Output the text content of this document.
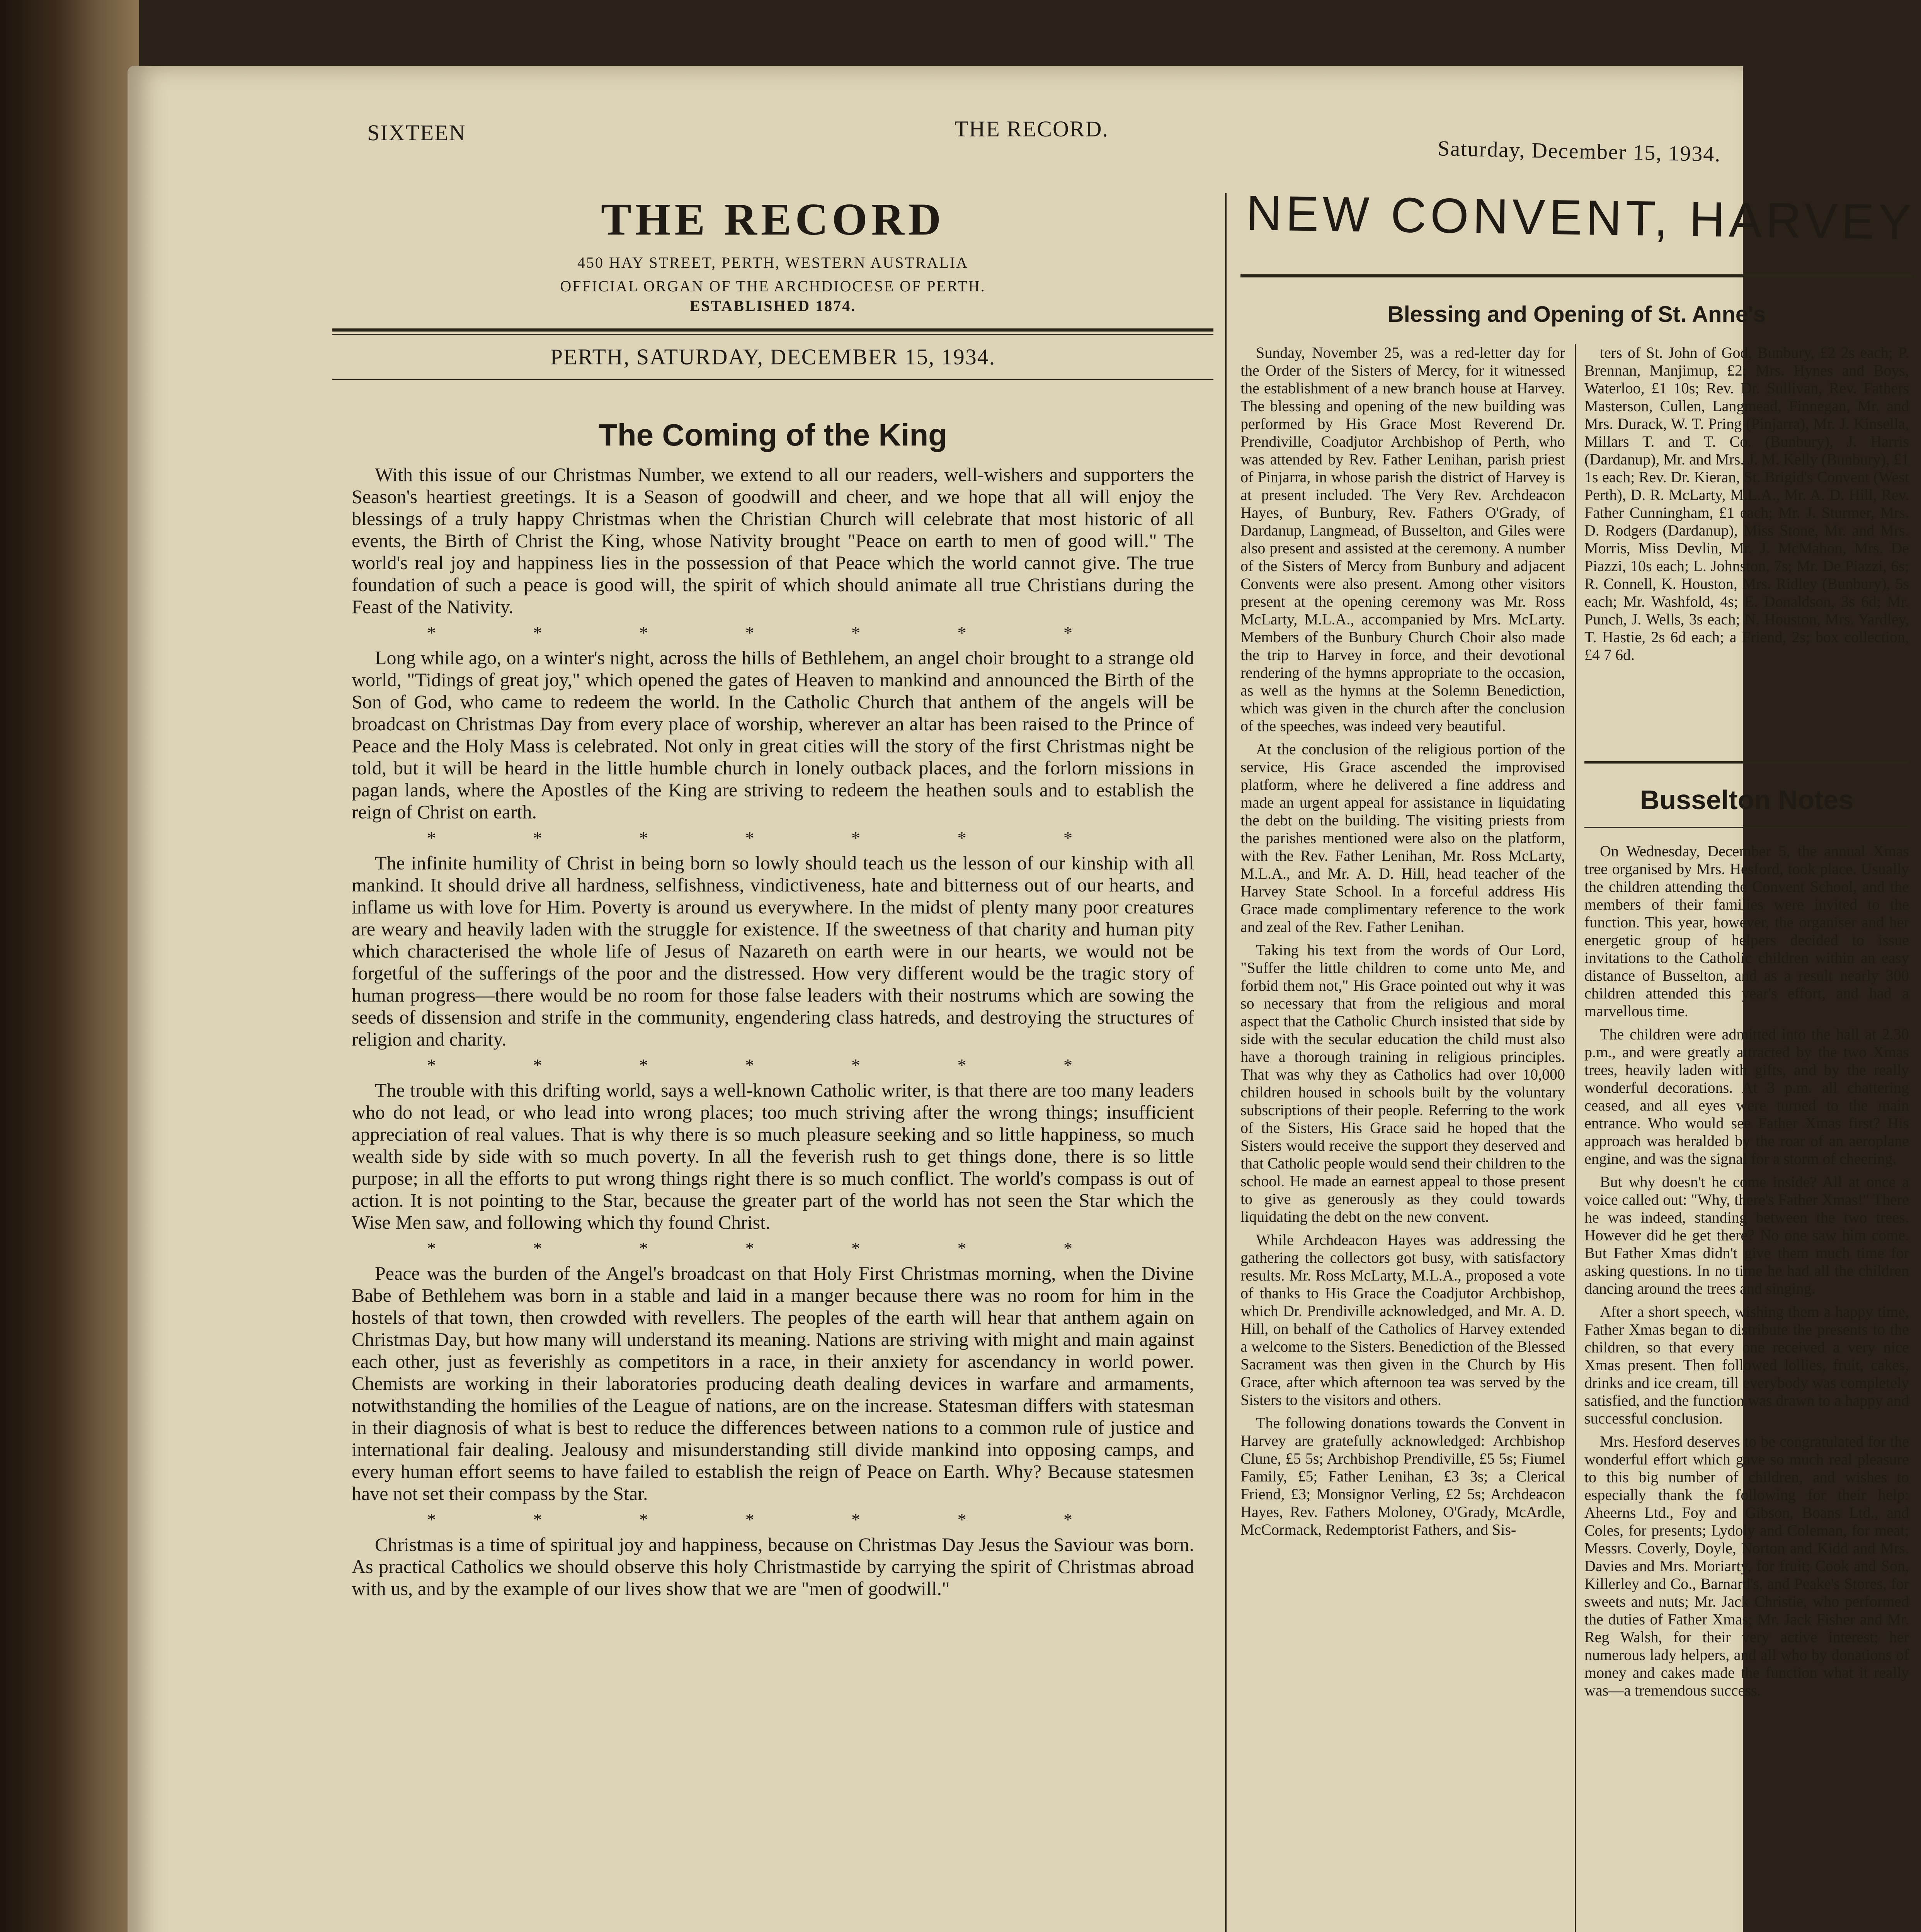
SIXTEEN	THE RECORD.
Saturday, December 15, 1934.
THE RECORD
450 HAY STREET, PERTH, WESTERN AUSTRALIA
OFFICIAL ORGAN OF THE ARCHDIOCESE OF PERTH.
ESTABLISHED 1874.
PERTH, SATURDAY, DECEMBER 15, 1934.
The Coming of the King

With this issue of our Christmas Number, we extend to all our readers, well-wishers and supporters the Season's heartiest greetings. It is a Season of goodwill and cheer, and we hope that all will enjoy the blessings of a truly happy Christmas when the Christian Church will celebrate that most historic of all events, the Birth of Christ the King, whose Nativity brought "Peace on earth to men of good will." The world's real joy and happiness lies in the possession of that Peace which the world cannot give. The true foundation of such a peace is good will, the spirit of which should animate all true Christians during the Feast of the Nativity.

* * * * * * *

Long while ago, on a winter's night, across the hills of Bethlehem, an angel choir brought to a strange old world, "Tidings of great joy," which opened the gates of Heaven to mankind and announced the Birth of the Son of God, who came to redeem the world. In the Catholic Church that anthem of the angels will be broadcast on Christmas Day from every place of worship, wherever an altar has been raised to the Prince of Peace and the Holy Mass is celebrated. Not only in great cities will the story of the first Christmas night be told, but it will be heard in the little humble church in lonely outback places, and the forlorn missions in pagan lands, where the Apostles of the King are striving to redeem the heathen souls and to establish the reign of Christ on earth.

* * * * * * *

The infinite humility of Christ in being born so lowly should teach us the lesson of our kinship with all mankind. It should drive all hardness, selfishness, vindictiveness, hate and bitterness out of our hearts, and inflame us with love for Him. Poverty is around us everywhere. In the midst of plenty many poor creatures are weary and heavily laden with the struggle for existence. If the sweetness of that charity and human pity which characterised the whole life of Jesus of Nazareth on earth were in our hearts, we would not be forgetful of the sufferings of the poor and the distressed. How very different would be the tragic story of human progress—there would be no room for those false leaders with their nostrums which are sowing the seeds of dissension and strife in the community, engendering class hatreds, and destroying the structures of religion and charity.

* * * * * * *

The trouble with this drifting world, says a well-known Catholic writer, is that there are too many leaders who do not lead, or who lead into wrong places; too much striving after the wrong things; insufficient appreciation of real values. That is why there is so much pleasure seeking and so little happiness, so much wealth side by side with so much poverty. In all the feverish rush to get things done, there is so little purpose; in all the efforts to put wrong things right there is so much conflict. The world's compass is out of action. It is not pointing to the Star, because the greater part of the world has not seen the Star which the Wise Men saw, and following which thy found Christ.

* * * * * * *

Peace was the burden of the Angel's broadcast on that Holy First Christmas morning, when the Divine Babe of Bethlehem was born in a stable and laid in a manger because there was no room for him in the hostels of that town, then crowded with revellers. The peoples of the earth will hear that anthem again on Christmas Day, but how many will understand its meaning. Nations are striving with might and main against each other, just as feverishly as competitors in a race, in their anxiety for ascendancy in world power. Chemists are working in their laboratories producing death dealing devices in warfare and armaments, notwithstanding the homilies of the League of nations, are on the increase. Statesman differs with statesman in their diagnosis of what is best to reduce the differences between nations to a common rule of justice and international fair dealing. Jealousy and misunderstanding still divide mankind into opposing camps, and every human effort seems to have failed to establish the reign of Peace on Earth. Why? Because statesmen have not set their compass by the Star.

* * * * * * *

Christmas is a time of spiritual joy and happiness, because on Christmas Day Jesus the Saviour was born. As practical Catholics we should observe this holy Christmastide by carrying the spirit of Christmas abroad with us, and by the example of our lives show that we are "men of goodwill."

NEW CONVENT, HARVEY
Blessing and Opening of St. Anne's

Sunday, November 25, was a red-letter day for the Order of the Sisters of Mercy, for it witnessed the establishment of a new branch house at Harvey. The blessing and opening of the new building was performed by His Grace Most Reverend Dr. Prendiville, Coadjutor Archbishop of Perth, who was attended by Rev. Father Lenihan, parish priest of Pinjarra, in whose parish the district of Harvey is at present included. The Very Rev. Archdeacon Hayes, of Bunbury, Rev. Fathers O'Grady, of Dardanup, Langmead, of Busselton, and Giles were also present and assisted at the ceremony. A number of the Sisters of Mercy from Bunbury and adjacent Convents were also present. Among other visitors present at the opening ceremony was Mr. Ross McLarty, M.L.A., accompanied by Mrs. McLarty. Members of the Bunbury Church Choir also made the trip to Harvey in force, and their devotional rendering of the hymns appropriate to the occasion, as well as the hymns at the Solemn Benediction, which was given in the church after the conclusion of the speeches, was indeed very beautiful.

At the conclusion of the religious portion of the service, His Grace ascended the improvised platform, where he delivered a fine address and made an urgent appeal for assistance in liquidating the debt on the building. The visiting priests from the parishes mentioned were also on the platform, with the Rev. Father Lenihan, Mr. Ross McLarty, M.L.A., and Mr. A. D. Hill, head teacher of the Harvey State School. In a forceful address His Grace made complimentary reference to the work and zeal of the Rev. Father Lenihan.

Taking his text from the words of Our Lord, "Suffer the little children to come unto Me, and forbid them not," His Grace pointed out why it was so necessary that from the religious and moral aspect that the Catholic Church insisted that side by side with the secular education the child must also have a thorough training in religious principles. That was why they as Catholics had over 10,000 children housed in schools built by the voluntary subscriptions of their people. Referring to the work of the Sisters, His Grace said he hoped that the Sisters would receive the support they deserved and that Catholic people would send their children to the school. He made an earnest appeal to those present to give as generously as they could towards liquidating the debt on the new convent.

While Archdeacon Hayes was addressing the gathering the collectors got busy, with satisfactory results. Mr. Ross McLarty, M.L.A., proposed a vote of thanks to His Grace the Coadjutor Archbishop, which Dr. Prendiville acknowledged, and Mr. A. D. Hill, on behalf of the Catholics of Harvey extended a welcome to the Sisters. Benediction of the Blessed Sacrament was then given in the Church by His Grace, after which afternoon tea was served by the Sisters to the visitors and others.

The following donations towards the Convent in Harvey are gratefully acknowledged: Archbishop Clune, £5 5s; Archbishop Prendiville, £5 5s; Fiumel Family, £5; Father Lenihan, £3 3s; a Clerical Friend, £3; Monsignor Verling, £2 5s; Archdeacon Hayes, Rev. Fathers Moloney, O'Grady, McArdle, McCormack, Redemptorist Fathers, and Sis-

ters of St. John of God, Bunbury, £2 2s each; P. Brennan, Manjimup, £2; Mrs. Hynes and Boys, Waterloo, £1 10s; Rev. Dr. Sullivan, Rev. Fathers Masterson, Cullen, Langmead, Finnegan, Mr. and Mrs. Durack, W. T. Pring (Pinjarra), Mr. J. Kinsella, Millars T. and T. Co. (Bunbury), J. Harris (Dardanup), Mr. and Mrs. J. M. Kelly (Bunbury), £1 1s each; Rev. Dr. Kieran, St. Brigid's Convent (West Perth), D. R. McLarty, M.L.A., Mr. A. D. Hill, Rev. Father Cunningham, £1 each; Mr. J. Sturmer, Mrs. D. Rodgers (Dardanup), Miss Stone, Mr. and Mrs. Morris, Miss Devlin, Mr. J. McMahon, Mrs. De Piazzi, 10s each; L. Johnston, 7s; Mr. De Piazzi, 6s; R. Connell, K. Houston, Mrs. Ridley (Bunbury), 5s each; Mr. Washfold, 4s; E. Donaldson, 3s 6d; Mr. Punch, J. Wells, 3s each; N. Houston, Mrs. Yardley, T. Hastie, 2s 6d each; a Friend, 2s; box collection, £4 7 6d.

Busselton Notes

On Wednesday, December 5, the annual Xmas tree organised by Mrs. Hesford, took place. Usually the children attending the Convent School, and the members of their families were invited to the function. This year, however, the organiser and her energetic group of helpers decided to issue invitations to the Catholic children within an easy distance of Busselton, and as a result nearly 300 children attended this year's effort, and had a marvellous time.

The children were admitted into the hall at 2.30 p.m., and were greatly attracted by the two Xmas trees, heavily laden with gifts, and by the really wonderful decorations. At 3 p.m. all chattering ceased, and all eyes were turned to the main entrance. Who would see Father Xmas first? His approach was heralded by the roar of an aeroplane engine, and was the signal for a storm of cheering.

But why doesn't he come inside? All at once a voice called out: "Why, there's Father Xmas!" There he was indeed, standing between the two trees. However did he get there? No one saw him come. But Father Xmas didn't give them much time for asking questions. In no time he had all the children dancing around the trees and singing.

After a short speech, wishing them a happy time, Father Xmas began to distribute the presents to the children, so that every one received a very nice Xmas present. Then followed lollies, fruit, cakes, drinks and ice cream, till everybody was completely satisfied, and the function was drawn to a happy and successful conclusion.

Mrs. Hesford deserves to be congratulated for the wonderful effort which gave so much real pleasure to this big number of children, and wishes to especially thank the following for their help: Aheerns Ltd., Foy and Gibson, Boans Ltd., and Coles, for presents; Lydoly and Coleman, for meat; Messrs. Coverly, Doyle, Norton and Kidd and Mrs. Davies and Mrs. Moriarty, for fruit; Cook and Son, Killerley and Co., Barnard's, and Peake's Stores, for sweets and nuts; Mr. Jack Christie, who performed the duties of Father Xmas; Mr. Jack Fisher and Mr. Reg Walsh, for their very active interest; her numerous lady helpers, and all who by donations of money and cakes made the function what it really was—a tremendous success.
